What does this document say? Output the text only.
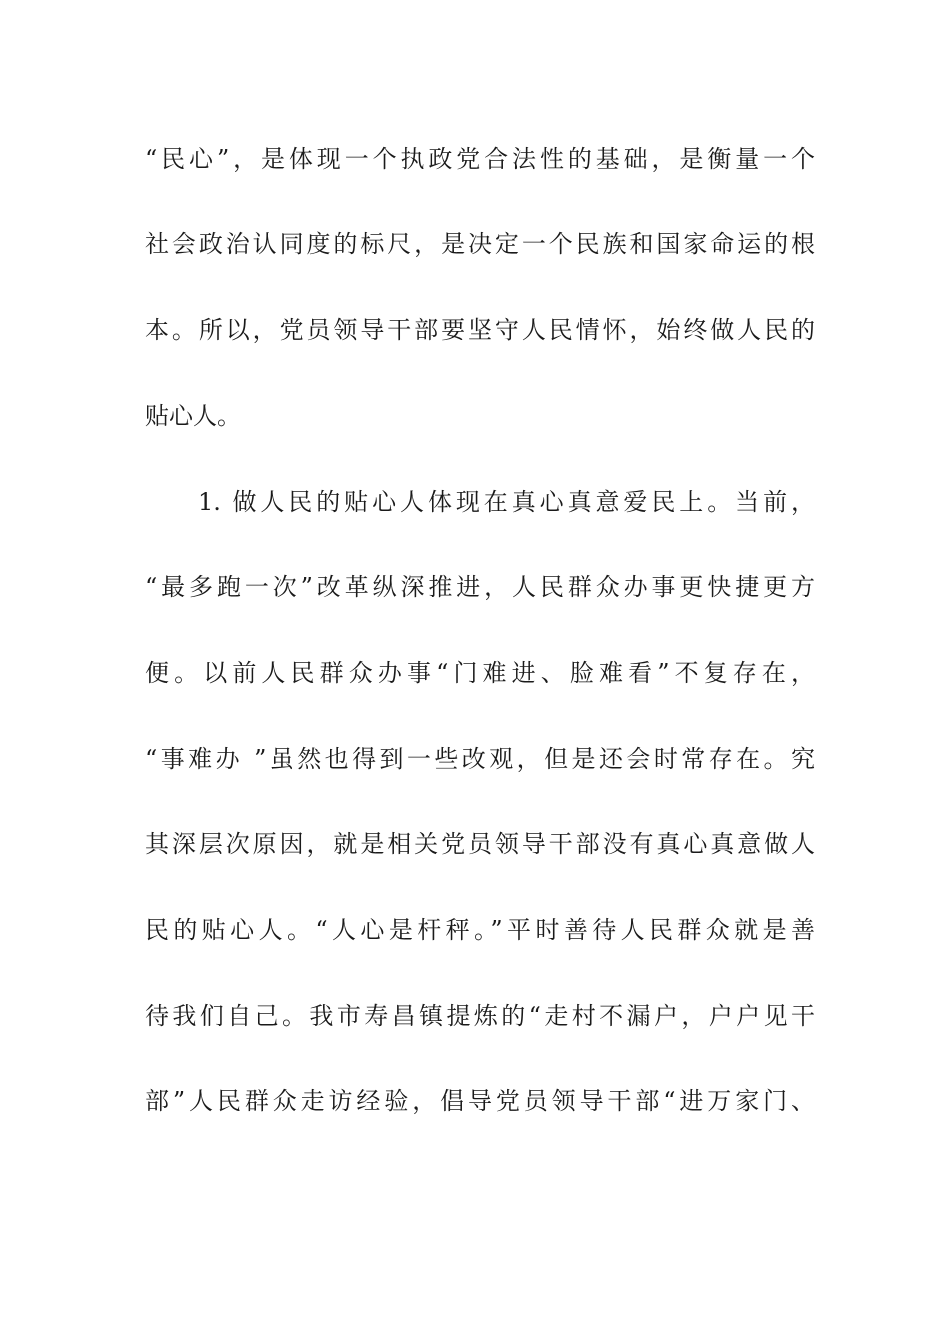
“民心”，是体现一个执政党合法性的基础，是衡量一个
社会政治认同度的标尺，是决定一个民族和国家命运的根
本。所以，党员领导干部要坚守人民情怀，始终做人民的
贴心人。
1. 做人民的贴心人体现在真心真意爱民上。当前，
“最多跑一次”改革纵深推进，人民群众办事更快捷更方
便。以前人民群众办事“门难进、脸难看”不复存在，
“事难办 ”虽然也得到一些改观，但是还会时常存在。究
其深层次原因，就是相关党员领导干部没有真心真意做人
民的贴心人。“人心是杆秤。”平时善待人民群众就是善
待我们自己。我市寿昌镇提炼的“走村不漏户，户户见干
部”人民群众走访经验，倡导党员领导干部“进万家门、
